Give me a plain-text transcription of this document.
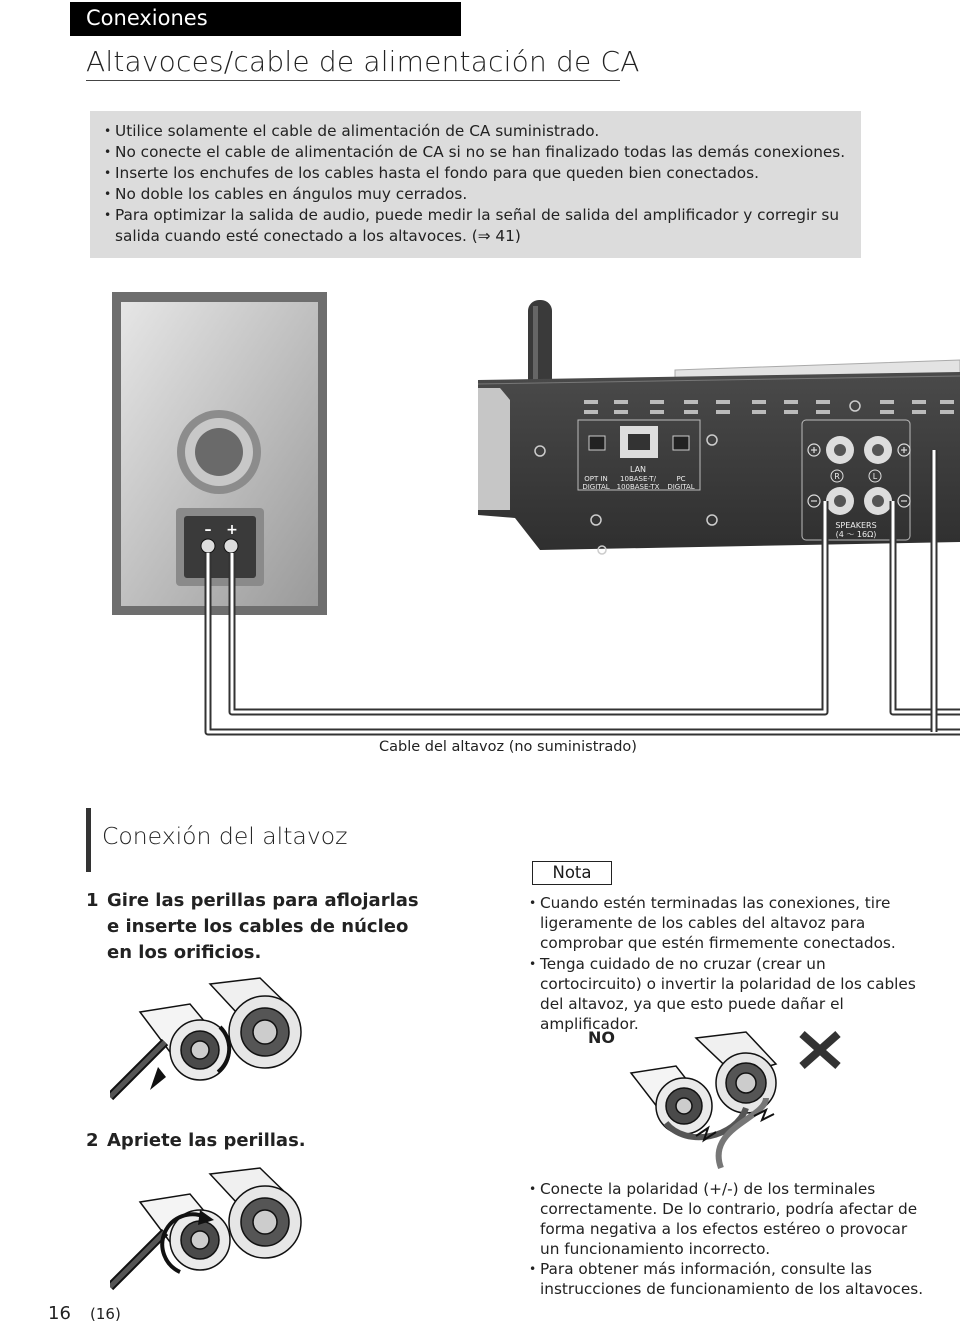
Conexiones
Altavoces/cable de alimentación de CA
• Utilice solamente el cable de alimentación de CA suministrado.
• No conecte el cable de alimentación de CA si no se han finalizado todas las demás conexiones.
• Inserte los enchufes de los cables hasta el fondo para que queden bien conectados.
• No doble los cables en ángulos muy cerrados.
• Para optimizar la salida de audio, puede medir la señal de salida del amplificador y corregir su salida cuando esté conectado a los altavoces. (⇒ 41)
– +
OPT IN
DIGITAL
LAN
10BASE-T/
100BASE-TX
PC
DIGITAL
R	L
SPEAKERS
(4 ～ 16Ω)
Cable del altavoz (no suministrado)
Conexión del altavoz
1 Gire las perillas para aflojarlas e inserte los cables de núcleo en los orificios.
2 Apriete las perillas.
Nota
• Cuando estén terminadas las conexiones, tire ligeramente de los cables del altavoz para comprobar que estén firmemente conectados.
• Tenga cuidado de no cruzar (crear un cortocircuito) o invertir la polaridad de los cables del altavoz, ya que esto puede dañar el amplificador.
NO
• Conecte la polaridad (+/-) de los terminales correctamente. De lo contrario, podría afectar de forma negativa a los efectos estéreo o provocar un funcionamiento incorrecto.
• Para obtener más información, consulte las instrucciones de funcionamiento de los altavoces.
16 (16)
